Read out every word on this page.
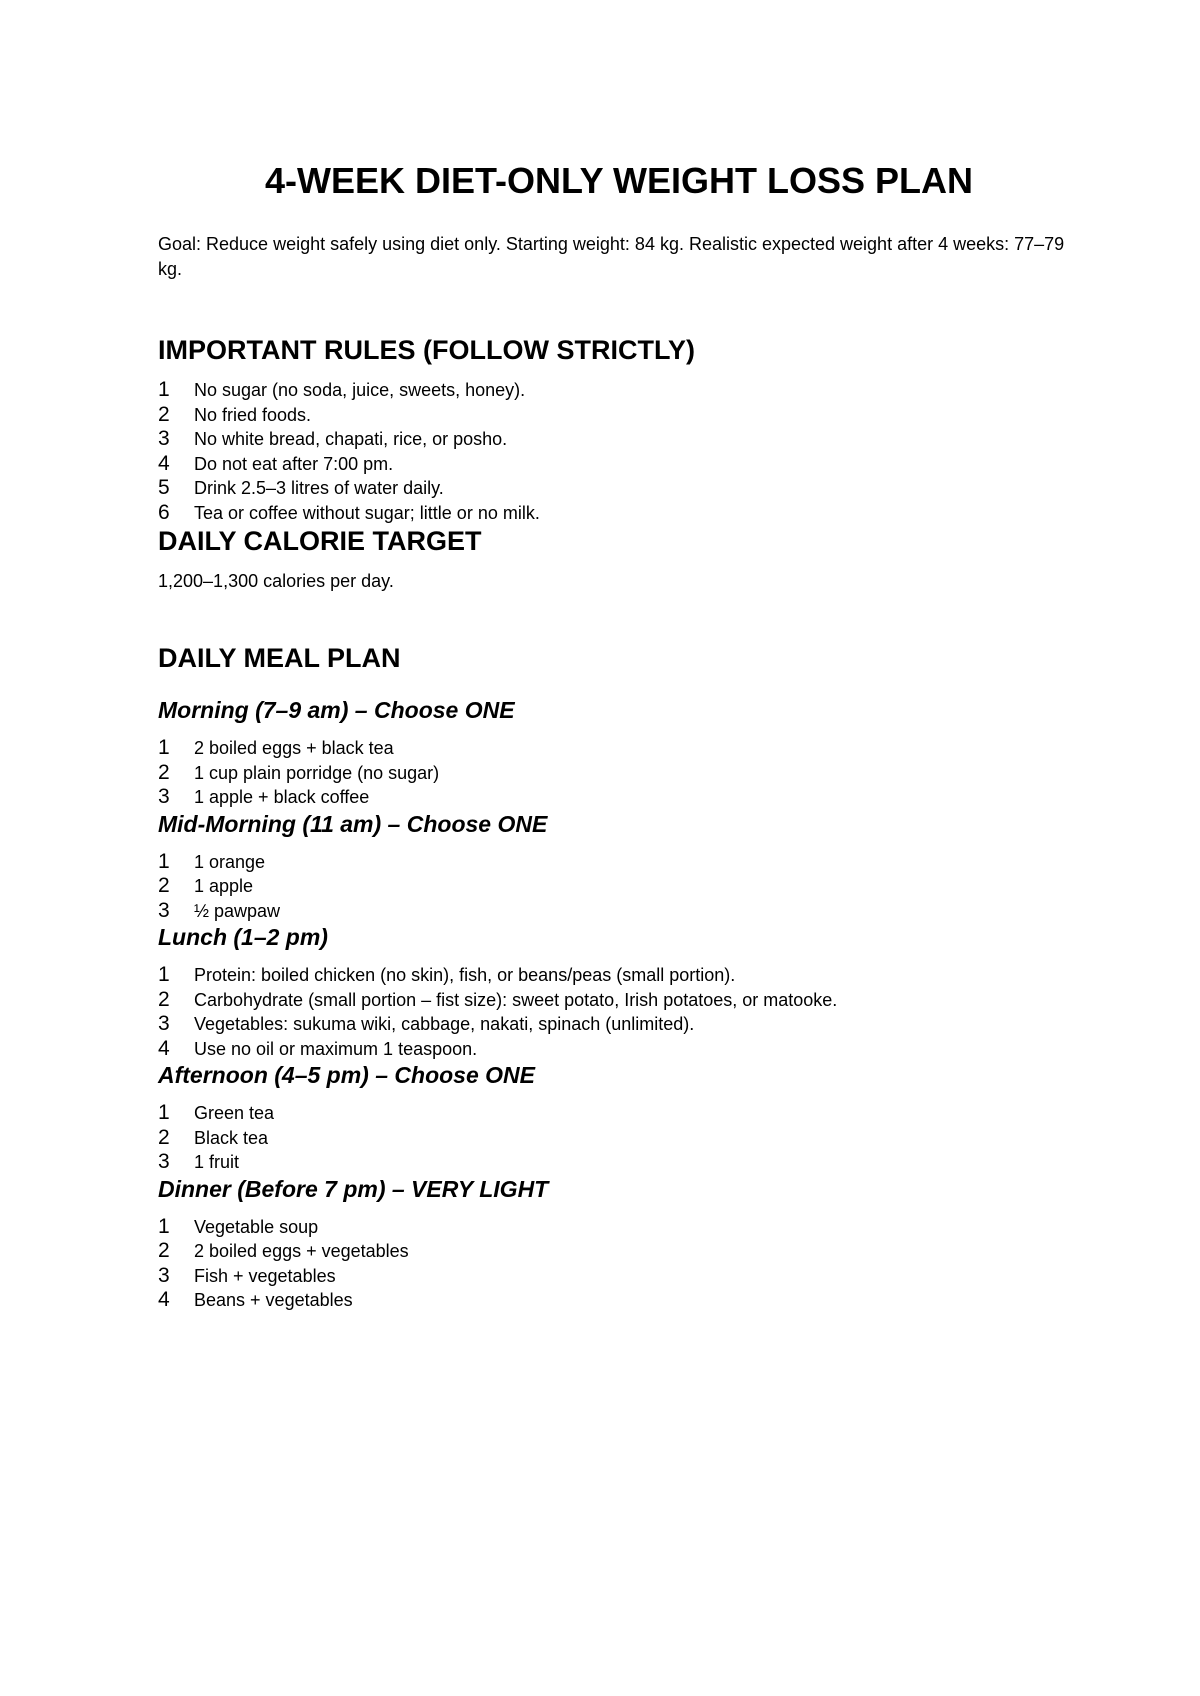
4-WEEK DIET-ONLY WEIGHT LOSS PLAN

Goal: Reduce weight safely using diet only. Starting weight: 84 kg. Realistic expected weight after 4 weeks: 77–79 kg.

IMPORTANT RULES (FOLLOW STRICTLY)
1	No sugar (no soda, juice, sweets, honey).
2	No fried foods.
3	No white bread, chapati, rice, or posho.
4	Do not eat after 7:00 pm.
5	Drink 2.5–3 litres of water daily.
6	Tea or coffee without sugar; little or no milk.
DAILY CALORIE TARGET

1,200–1,300 calories per day.

DAILY MEAL PLAN
Morning (7–9 am) – Choose ONE
1	2 boiled eggs + black tea
2	1 cup plain porridge (no sugar)
3	1 apple + black coffee
Mid-Morning (11 am) – Choose ONE
1	1 orange
2	1 apple
3	½ pawpaw
Lunch (1–2 pm)
1	Protein: boiled chicken (no skin), fish, or beans/peas (small portion).
2	Carbohydrate (small portion – fist size): sweet potato, Irish potatoes, or matooke.
3	Vegetables: sukuma wiki, cabbage, nakati, spinach (unlimited).
4	Use no oil or maximum 1 teaspoon.
Afternoon (4–5 pm) – Choose ONE
1	Green tea
2	Black tea
3	1 fruit
Dinner (Before 7 pm) – VERY LIGHT
1	Vegetable soup
2	2 boiled eggs + vegetables
3	Fish + vegetables
4	Beans + vegetables
